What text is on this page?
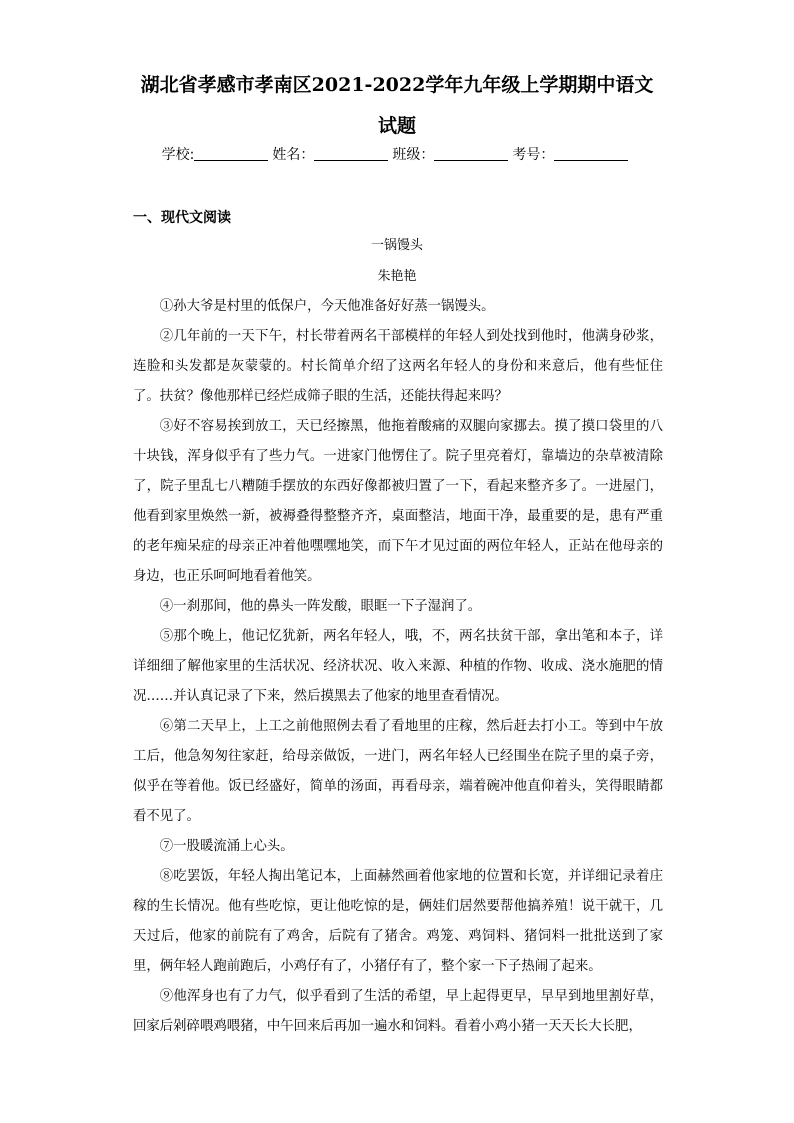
湖北省孝感市孝南区2021-2022学年九年级上学期期中语文
试题
学校:	姓名：	班级：	考号：
一、现代文阅读
一锅馒头
朱艳艳

①孙大爷是村里的低保户，今天他准备好好蒸一锅馒头。

②几年前的一天下午，村长带着两名干部模样的年轻人到处找到他时，他满身砂浆，连脸和头发都是灰蒙蒙的。村长简单介绍了这两名年轻人的身份和来意后，他有些怔住了。扶贫？像他那样已经烂成筛子眼的生活，还能扶得起来吗？

③好不容易挨到放工，天已经擦黑，他拖着酸痛的双腿向家挪去。摸了摸口袋里的八十块钱，浑身似乎有了些力气。一进家门他愣住了。院子里亮着灯，靠墙边的杂草被清除了，院子里乱七八糟随手摆放的东西好像都被归置了一下，看起来整齐多了。一进屋门，他看到家里焕然一新，被褥叠得整整齐齐，桌面整洁，地面干净，最重要的是，患有严重的老年痴呆症的母亲正冲着他嘿嘿地笑，而下午才见过面的两位年轻人，正站在他母亲的身边，也正乐呵呵地看着他笑。

④一刹那间，他的鼻头一阵发酸，眼眶一下子湿润了。

⑤那个晚上，他记忆犹新，两名年轻人，哦，不，两名扶贫干部，拿出笔和本子，详详细细了解他家里的生活状况、经济状况、收入来源、种植的作物、收成、浇水施肥的情况……并认真记录了下来，然后摸黑去了他家的地里查看情况。

⑥第二天早上，上工之前他照例去看了看地里的庄稼，然后赶去打小工。等到中午放工后，他急匆匆往家赶，给母亲做饭，一进门，两名年轻人已经围坐在院子里的桌子旁，似乎在等着他。饭已经盛好，简单的汤面，再看母亲，端着碗冲他直仰着头，笑得眼睛都看不见了。

⑦一股暖流涌上心头。

⑧吃罢饭，年轻人掏出笔记本，上面赫然画着他家地的位置和长宽，并详细记录着庄稼的生长情况。他有些吃惊，更让他吃惊的是，俩娃们居然要帮他搞养殖！说干就干，几天过后，他家的前院有了鸡舍，后院有了猪舍。鸡笼、鸡饲料、猪饲料一批批送到了家里，俩年轻人跑前跑后，小鸡仔有了，小猪仔有了，整个家一下子热闹了起来。

⑨他浑身也有了力气，似乎看到了生活的希望，早上起得更早，早早到地里割好草，回家后剁碎喂鸡喂猪，中午回来后再加一遍水和饲料。看着小鸡小猪一天天长大长肥，
